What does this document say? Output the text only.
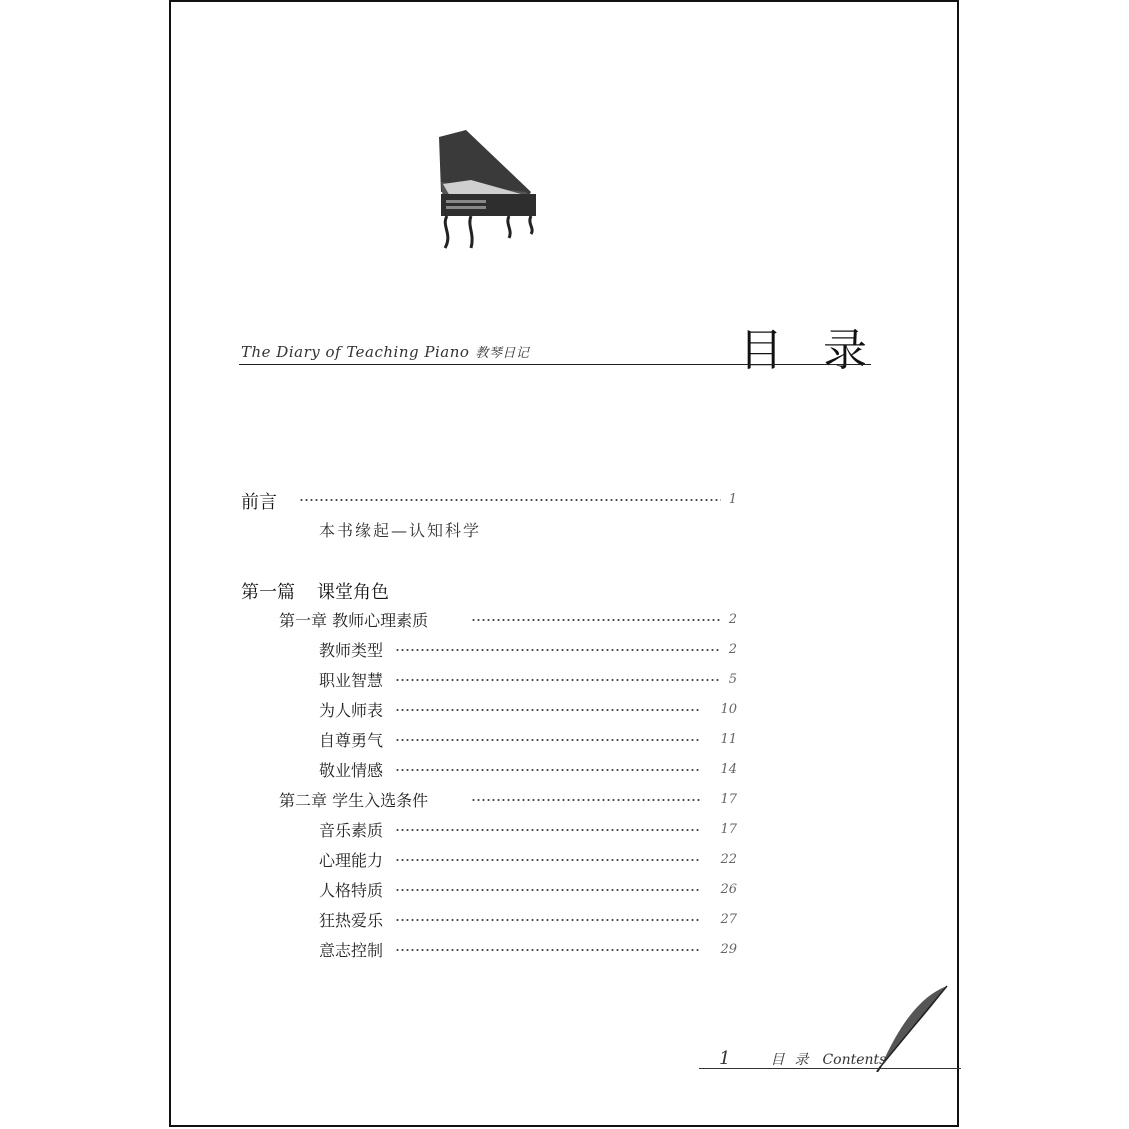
The Diary of Teaching Piano 教琴日记	目录
前言	1
本书缘起—认知科学
第一篇 课堂角色
第一章 教师心理素质	2
教师类型	2
职业智慧	5
为人师表	10
自尊勇气	11
敬业情感	14
第二章 学生入选条件	17
音乐素质	17
心理能力	22
人格特质	26
狂热爱乐	27
意志控制	29
1	目录 Contents
